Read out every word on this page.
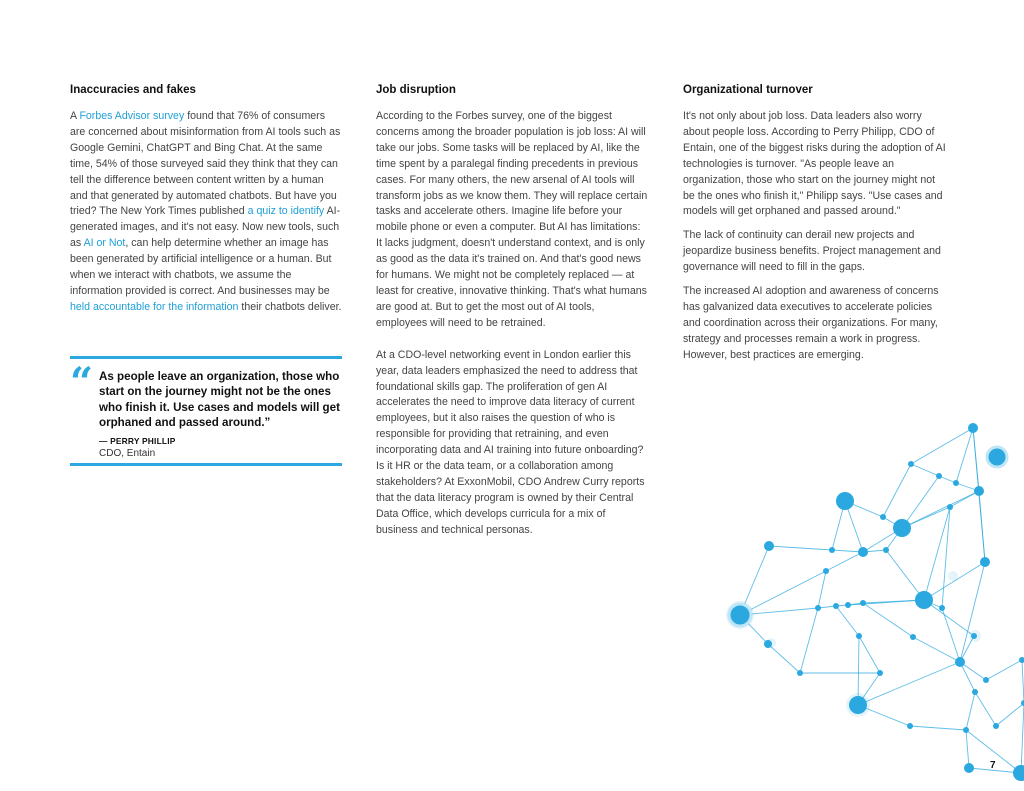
Inaccuracies and fakes

A Forbes Advisor survey found that 76% of consumers are concerned about misinformation from AI tools such as Google Gemini, ChatGPT and Bing Chat. At the same time, 54% of those surveyed said they think that they can tell the difference between content written by a human and that generated by automated chatbots. But have you tried? The New York Times published a quiz to identify AI-generated images, and it's not easy. Now new tools, such as AI or Not, can help determine whether an image has been generated by artificial intelligence or a human. But when we interact with chatbots, we assume the information provided is correct. And businesses may be held accountable for the information their chatbots deliver.

“ As people leave an organization, those who start on the journey might not be the ones who finish it. Use cases and models will get orphaned and passed around.”
— PERRY PHILLIP
CDO, Entain
Job disruption

According to the Forbes survey, one of the biggest concerns among the broader population is job loss: AI will take our jobs. Some tasks will be replaced by AI, like the time spent by a paralegal finding precedents in previous cases. For many others, the new arsenal of AI tools will transform jobs as we know them. They will replace certain tasks and accelerate others. Imagine life before your mobile phone or even a computer. But AI has limitations: It lacks judgment, doesn't understand context, and is only as good as the data it's trained on. And that's good news for humans. We might not be completely replaced — at least for creative, innovative thinking. That's what humans are good at. But to get the most out of AI tools, employees will need to be retrained.

At a CDO-level networking event in London earlier this year, data leaders emphasized the need to address that foundational skills gap. The proliferation of gen AI accelerates the need to improve data literacy of current employees, but it also raises the question of who is responsible for providing that retraining, and even incorporating data and AI training into future onboarding? Is it HR or the data team, or a collaboration among stakeholders? At ExxonMobil, CDO Andrew Curry reports that the data literacy program is owned by their Central Data Office, which develops curricula for a mix of business and technical personas.

Organizational turnover

It's not only about job loss. Data leaders also worry about people loss. According to Perry Philipp, CDO of Entain, one of the biggest risks during the adoption of AI technologies is turnover. "As people leave an organization, those who start on the journey might not be the ones who finish it," Philipp says. "Use cases and models will get orphaned and passed around."

The lack of continuity can derail new projects and jeopardize business benefits. Project management and governance will need to fill in the gaps.

The increased AI adoption and awareness of concerns has galvanized data executives to accelerate policies and coordination across their organizations. For many, strategy and processes remain a work in progress. However, best practices are emerging.

7
